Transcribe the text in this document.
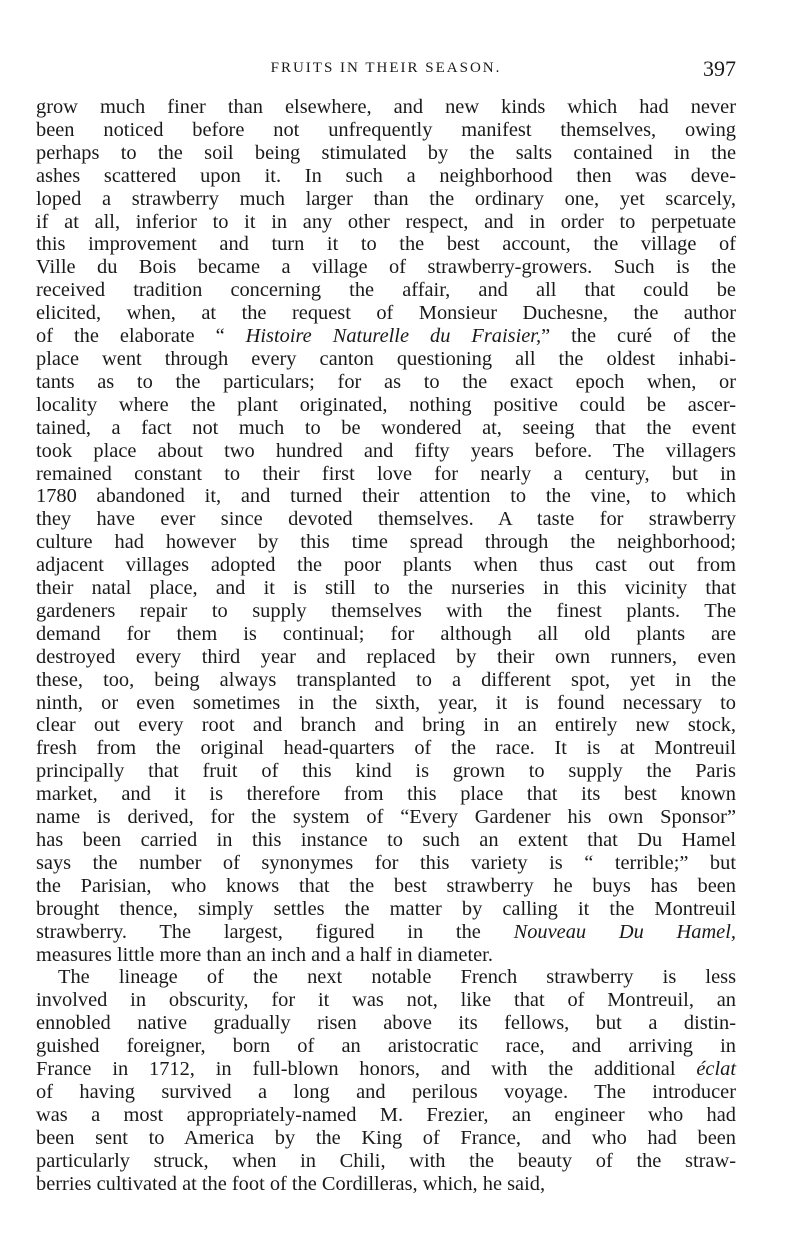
FRUITS IN THEIR SEASON.	397
grow much finer than elsewhere, and new kinds which had never
been noticed before not unfrequently manifest themselves, owing
perhaps to the soil being stimulated by the salts contained in the
ashes scattered upon it. In such a neighborhood then was deve-
loped a strawberry much larger than the ordinary one, yet scarcely,
if at all, inferior to it in any other respect, and in order to perpetuate
this improvement and turn it to the best account, the village of
Ville du Bois became a village of strawberry-growers. Such is the
received tradition concerning the affair, and all that could be
elicited, when, at the request of Monsieur Duchesne, the author
of the elaborate “ Histoire Naturelle du Fraisier,” the curé of the
place went through every canton questioning all the oldest inhabi-
tants as to the particulars; for as to the exact epoch when, or
locality where the plant originated, nothing positive could be ascer-
tained, a fact not much to be wondered at, seeing that the event
took place about two hundred and fifty years before. The villagers
remained constant to their first love for nearly a century, but in
1780 abandoned it, and turned their attention to the vine, to which
they have ever since devoted themselves. A taste for strawberry
culture had however by this time spread through the neighborhood;
adjacent villages adopted the poor plants when thus cast out from
their natal place, and it is still to the nurseries in this vicinity that
gardeners repair to supply themselves with the finest plants. The
demand for them is continual; for although all old plants are
destroyed every third year and replaced by their own runners, even
these, too, being always transplanted to a different spot, yet in the
ninth, or even sometimes in the sixth, year, it is found necessary to
clear out every root and branch and bring in an entirely new stock,
fresh from the original head-quarters of the race. It is at Montreuil
principally that fruit of this kind is grown to supply the Paris
market, and it is therefore from this place that its best known
name is derived, for the system of “Every Gardener his own Sponsor”
has been carried in this instance to such an extent that Du Hamel
says the number of synonymes for this variety is “ terrible;” but
the Parisian, who knows that the best strawberry he buys has been
brought thence, simply settles the matter by calling it the Montreuil
strawberry. The largest, figured in the Nouveau Du Hamel,
measures little more than an inch and a half in diameter.
The lineage of the next notable French strawberry is less
involved in obscurity, for it was not, like that of Montreuil, an
ennobled native gradually risen above its fellows, but a distin-
guished foreigner, born of an aristocratic race, and arriving in
France in 1712, in full-blown honors, and with the additional éclat
of having survived a long and perilous voyage. The introducer
was a most appropriately-named M. Frezier, an engineer who had
been sent to America by the King of France, and who had been
particularly struck, when in Chili, with the beauty of the straw-
berries cultivated at the foot of the Cordilleras, which, he said,
